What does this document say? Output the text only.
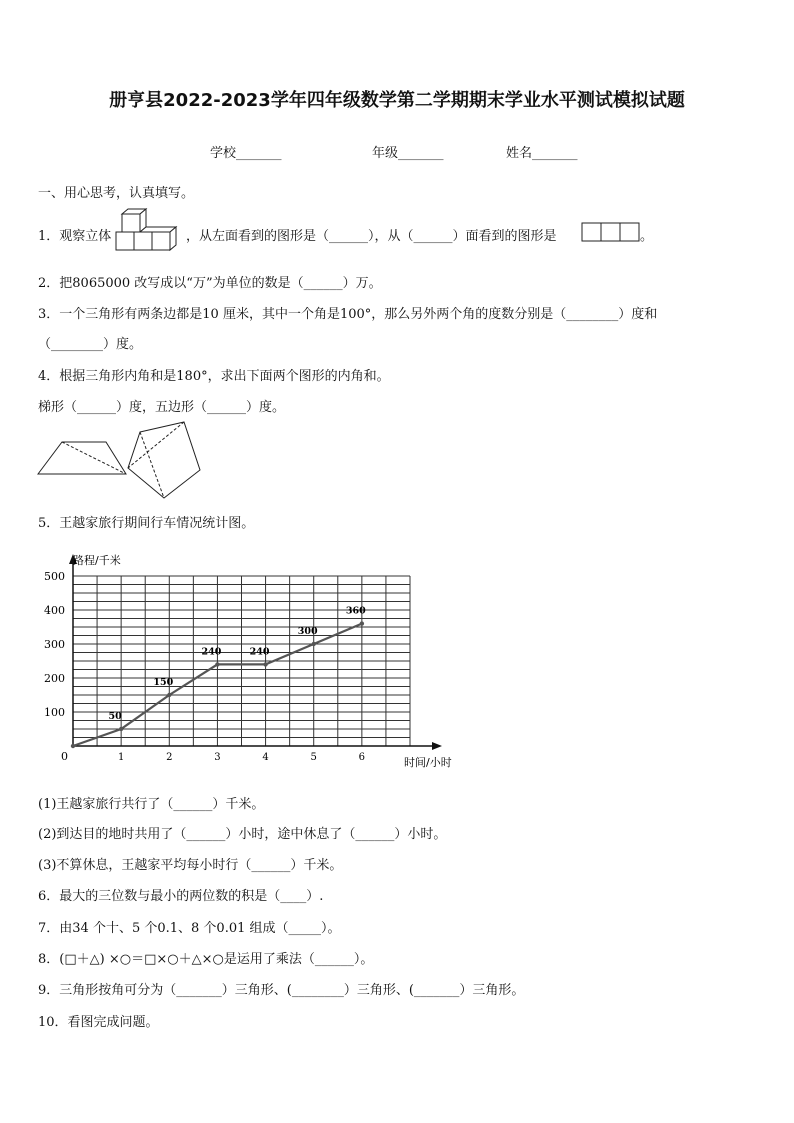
册亨县2022-2023学年四年级数学第二学期期末学业水平测试模拟试题
学校_______	年级_______	姓名_______
一、用心思考，认真填写。
1．观察立体	，从左面看到的图形是（______），从（______）面看到的图形是	。
2．把8065000 改写成以“万”为单位的数是（______）万。
3．一个三角形有两条边都是10 厘米，其中一个角是100°，那么另外两个角的度数分别是（________）度和
（________）度。
4．根据三角形内角和是180°，求出下面两个图形的内角和。
梯形（______）度，五边形（______）度。
5．王越家旅行期间行车情况统计图。
路程/千米
时间/小时
0
100
200
300
400
500
1	2	3	4	5	6
50
150
240	240
300
360
(1)王越家旅行共行了（______）千米。
(2)到达目的地时共用了（______）小时，途中休息了（______）小时。
(3)不算休息，王越家平均每小时行（______）千米。
6．最大的三位数与最小的两位数的积是（____）.
7．由34 个十、5 个0.1、8 个0.01 组成（_____）。
8．(□＋△) ×○＝□×○＋△×○是运用了乘法（______）。
9．三角形按角可分为（_______）三角形、(________）三角形、(_______）三角形。
10．看图完成问题。
